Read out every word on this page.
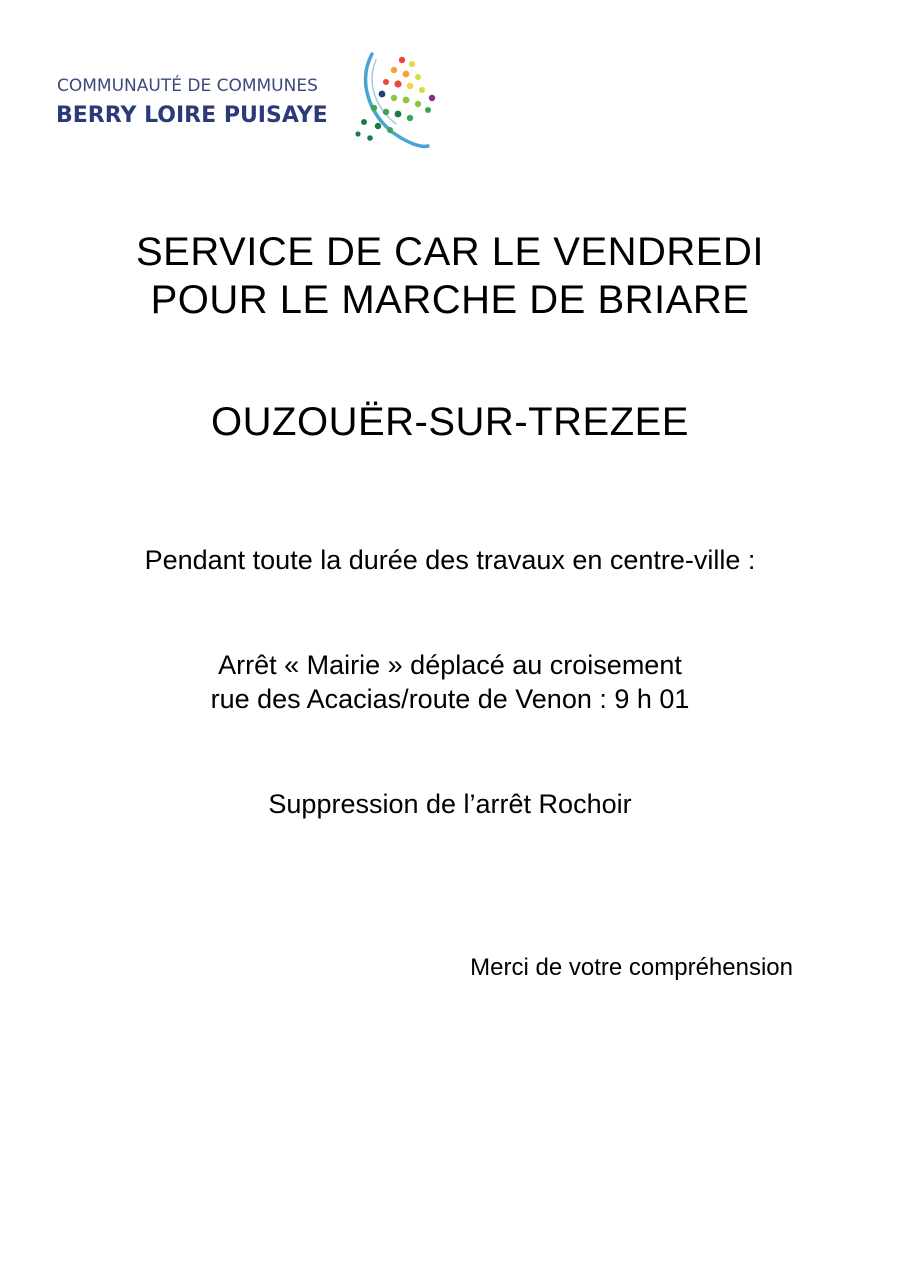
COMMUNAUTÉ DE COMMUNES
BERRY LOIRE PUISAYE
SERVICE DE CAR LE VENDREDI
POUR LE MARCHE DE BRIARE
OUZOUËR-SUR-TREZEE
Pendant toute la durée des travaux en centre-ville :
Arrêt « Mairie » déplacé au croisement
rue des Acacias/route de Venon : 9 h 01
Suppression de l’arrêt Rochoir
Merci de votre compréhension
